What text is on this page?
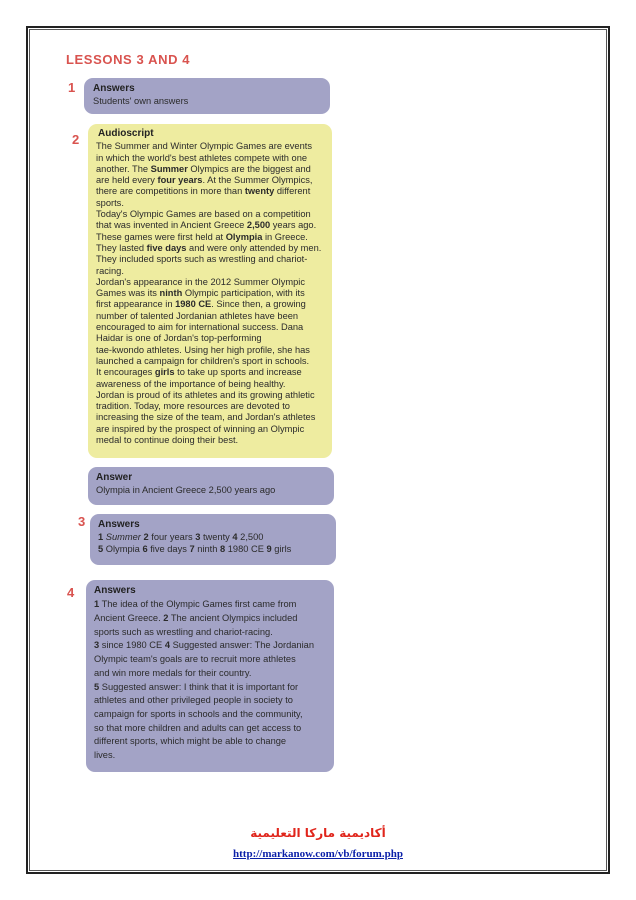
LESSONS 3 AND 4
1 Answers
Students' own answers
2 Audioscript
The Summer and Winter Olympic Games are events
in which the world's best athletes compete with one
another. The Summer Olympics are the biggest and
are held every four years. At the Summer Olympics,
there are competitions in more than twenty different
sports.
Today's Olympic Games are based on a competition
that was invented in Ancient Greece 2,500 years ago.
These games were first held at Olympia in Greece.
They lasted five days and were only attended by men.
They included sports such as wrestling and chariot-
racing.
Jordan's appearance in the 2012 Summer Olympic
Games was its ninth Olympic participation, with its
first appearance in 1980 CE. Since then, a growing
number of talented Jordanian athletes have been
encouraged to aim for international success. Dana
Haidar is one of Jordan's top-performing
tae-kwondo athletes. Using her high profile, she has
launched a campaign for children's sport in schools.
It encourages girls to take up sports and increase
awareness of the importance of being healthy.
Jordan is proud of its athletes and its growing athletic
tradition. Today, more resources are devoted to
increasing the size of the team, and Jordan's athletes
are inspired by the prospect of winning an Olympic
medal to continue doing their best.
Answer
Olympia in Ancient Greece 2,500 years ago
3 Answers
1 Summer 2 four years 3 twenty 4 2,500
5 Olympia 6 five days 7 ninth 8 1980 CE 9 girls
4 Answers
1 The idea of the Olympic Games first came from
Ancient Greece. 2 The ancient Olympics included
sports such as wrestling and chariot-racing.
3 since 1980 CE 4 Suggested answer: The Jordanian
Olympic team's goals are to recruit more athletes
and win more medals for their country.
5 Suggested answer: I think that it is important for
athletes and other privileged people in society to
campaign for sports in schools and the community,
so that more children and adults can get access to
different sports, which might be able to change
lives.
أكاديمية ماركا التعليمية
http://markanow.com/vb/forum.php
